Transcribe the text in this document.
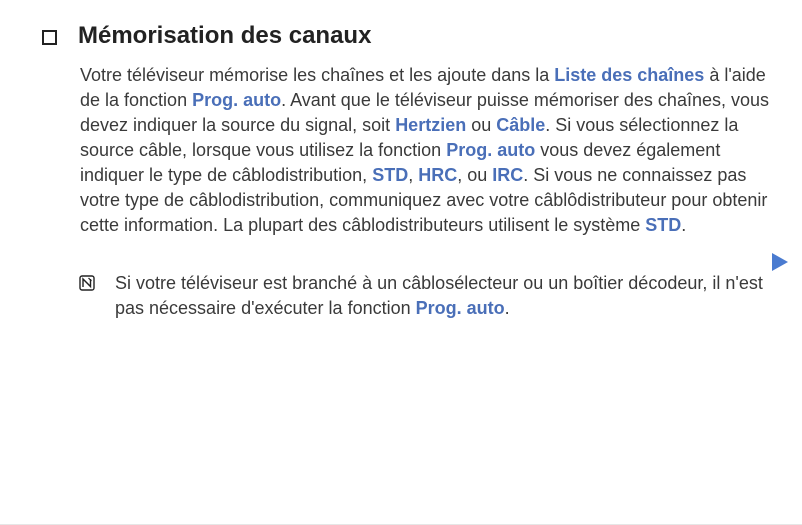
Mémorisation des canaux

Votre téléviseur mémorise les chaînes et les ajoute dans la Liste des chaînes à l'aide de la fonction Prog. auto. Avant que le téléviseur puisse mémoriser des chaînes, vous devez indiquer la source du signal, soit Hertzien ou Câble. Si vous sélectionnez la source câble, lorsque vous utilisez la fonction Prog. auto vous devez également indiquer le type de câblodistribution, STD, HRC, ou IRC. Si vous ne connaissez pas votre type de câblodistribution, communiquez avec votre câblôdistributeur pour obtenir cette information. La plupart des câblodistributeurs utilisent le système STD.

Si votre téléviseur est branché à un câblosélecteur ou un boîtier décodeur, il n'est pas nécessaire d'exécuter la fonction Prog. auto.
